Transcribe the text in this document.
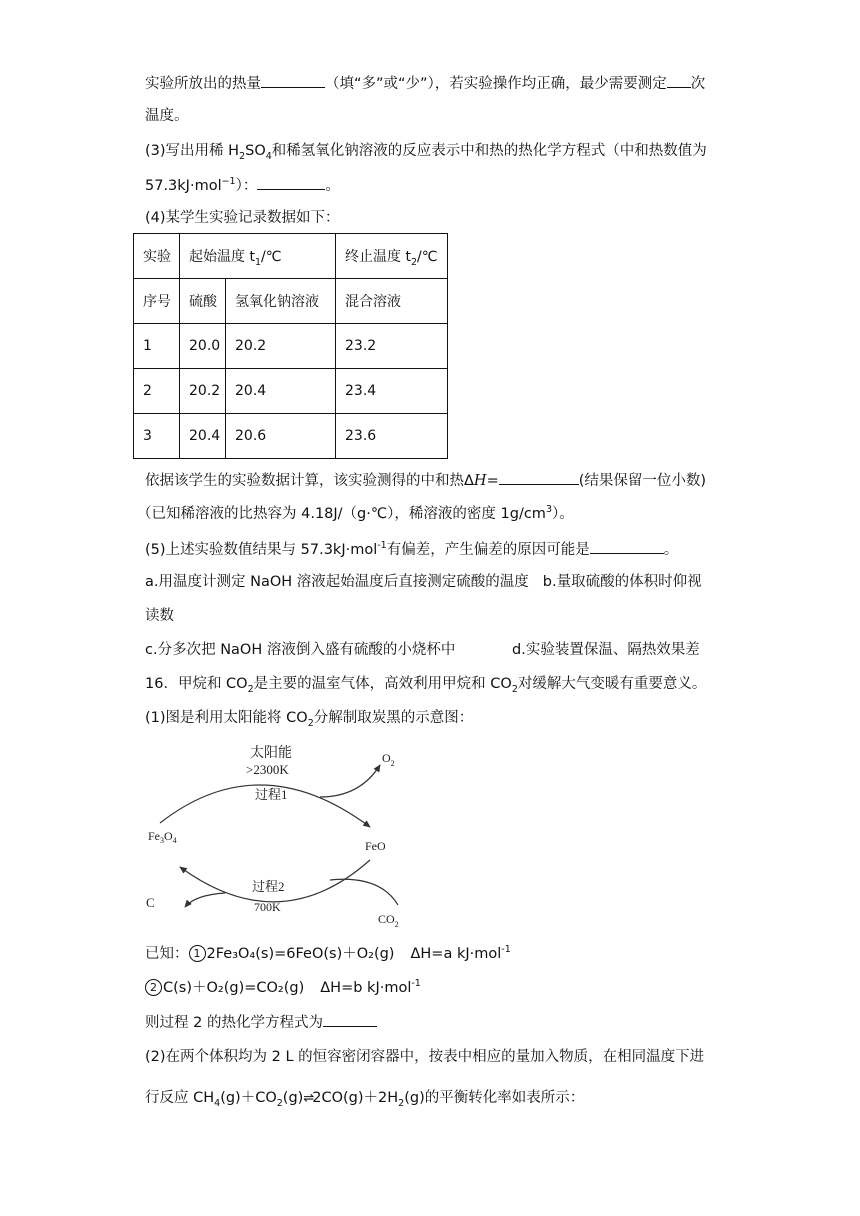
实验所放出的热量	（填“多”或“少”），若实验操作均正确，最少需要测定 次
温度。
(3)写出用稀 $H_2SO_4$和稀氢氧化钠溶液的反应表示中和热的热化学方程式（中和热数值为
57.3kJ·mol$^{-1}$）：	。
(4)某学生实验记录数据如下：
实验	起始温度 $t_1/℃$		终止温度 $t_2/℃$
序号	硫酸	氢氧化钠溶液	混合溶液
1	20.0	20.2	23.2
2	20.2	20.4	23.4
3	20.4	20.6	23.6
依据该学生的实验数据计算，该实验测得的中和热ΔH=	(结果保留一位小数)
（已知稀溶液的比热容为 4.18J/（g·℃），稀溶液的密度 $1g/cm^3$）。
(5)上述实验数值结果与 57.3kJ·mol$^{-1}$有偏差，产生偏差的原因可能是	。
a.用温度计测定 NaOH 溶液起始温度后直接测定硫酸的温度 b.量取硫酸的体积时仰视
读数
c.分多次把 NaOH 溶液倒入盛有硫酸的小烧杯中	d.实验装置保温、隔热效果差
16．甲烷和 $CO_2$是主要的温室气体，高效利用甲烷和 $CO_2$对缓解大气变暖有重要意义。
(1)图是利用太阳能将 $CO_2$分解制取炭黑的示意图：
太阳能
>2300K
过程1
$O_2$
$Fe_3O_4$	FeO
过程2
700K
C
$CO_2$
已知： 1 2Fe₃O₄(s)=6FeO(s)＋O₂(g) ΔH=a kJ·mol$^{-1}$
2 C(s)＋O₂(g)=CO₂(g) ΔH=b kJ·mol$^{-1}$
则过程 2 的热化学方程式为
(2)在两个体积均为 2 L 的恒容密闭容器中，按表中相应的量加入物质，在相同温度下进
行反应 $CH_4(g)+CO_2(g)\rightleftharpoons 2CO(g)+2H_2(g)$的平衡转化率如表所示：
